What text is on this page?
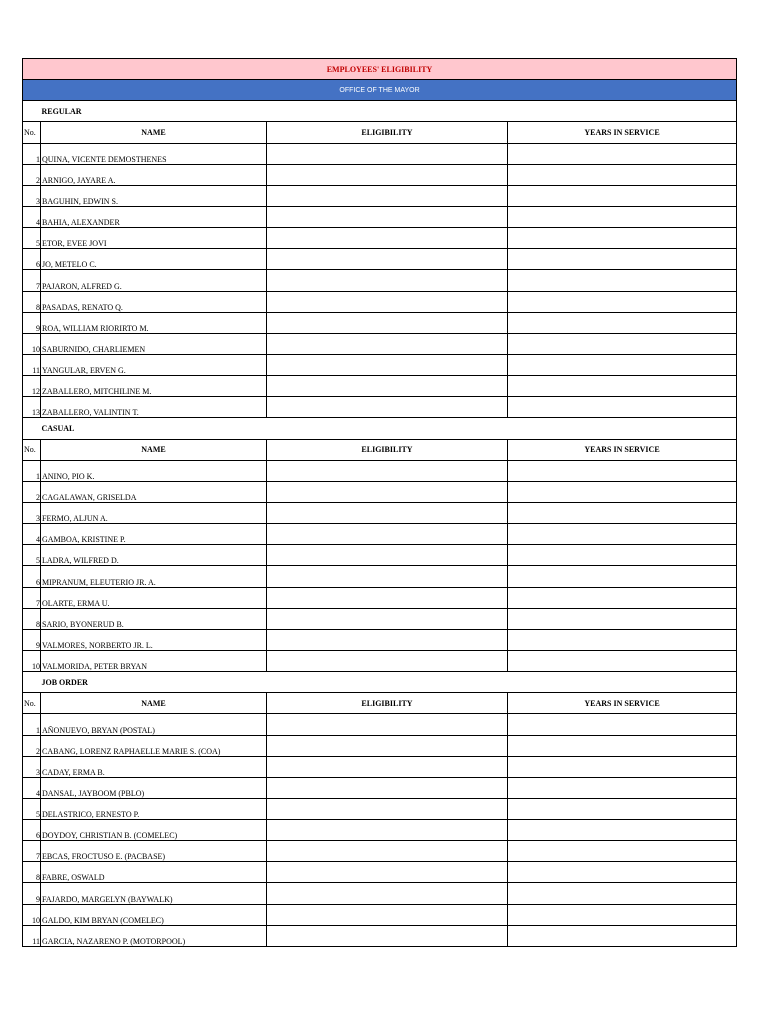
EMPLOYEES' ELIGIBILITY			
OFFICE OF THE MAYOR			
	REGULAR		
No.	NAME	ELIGIBILITY	YEARS IN SERVICE
1	QUINA, VICENTE DEMOSTHENES		
2	ARNIGO, JAYARE A.		
3	BAGUHIN, EDWIN S.		
4	BAHIA, ALEXANDER		
5	ETOR, EVEE JOVI		
6	JO, METELO C.		
7	PAJARON, ALFRED G.		
8	PASADAS, RENATO Q.		
9	ROA, WILLIAM RIORIRTO M.		
10	SABURNIDO, CHARLIEMEN		
11	YANGULAR, ERVEN G.		
12	ZABALLERO, MITCHILINE M.		
13	ZABALLERO, VALINTIN T.		
	CASUAL		
No.	NAME	ELIGIBILITY	YEARS IN SERVICE
1	ANINO, PIO K.		
2	CAGALAWAN, GRISELDA		
3	FERMO, ALJUN A.		
4	GAMBOA, KRISTINE P.		
5	LADRA, WILFRED D.		
6	MIPRANUM, ELEUTERIO JR. A.		
7	OLARTE, ERMA U.		
8	SARIO, BYONERUD B.		
9	VALMORES, NORBERTO JR. L.		
10	VALMORIDA, PETER BRYAN		
	JOB ORDER		
No.	NAME	ELIGIBILITY	YEARS IN SERVICE
1	AÑONUEVO, BRYAN (POSTAL)		
2	CABANG, LORENZ RAPHAELLE MARIE S. (COA)		
3	CADAY, ERMA B.		
4	DANSAL, JAYBOOM (PBLO)		
5	DELASTRICO, ERNESTO P.		
6	DOYDOY, CHRISTIAN B. (COMELEC)		
7	EBCAS, FROCTUSO E. (PACBASE)		
8	FABRE, OSWALD		
9	FAJARDO, MARGELYN (BAYWALK)		
10	GALDO, KIM BRYAN (COMELEC)		
11	GARCIA, NAZARENO P. (MOTORPOOL)		
